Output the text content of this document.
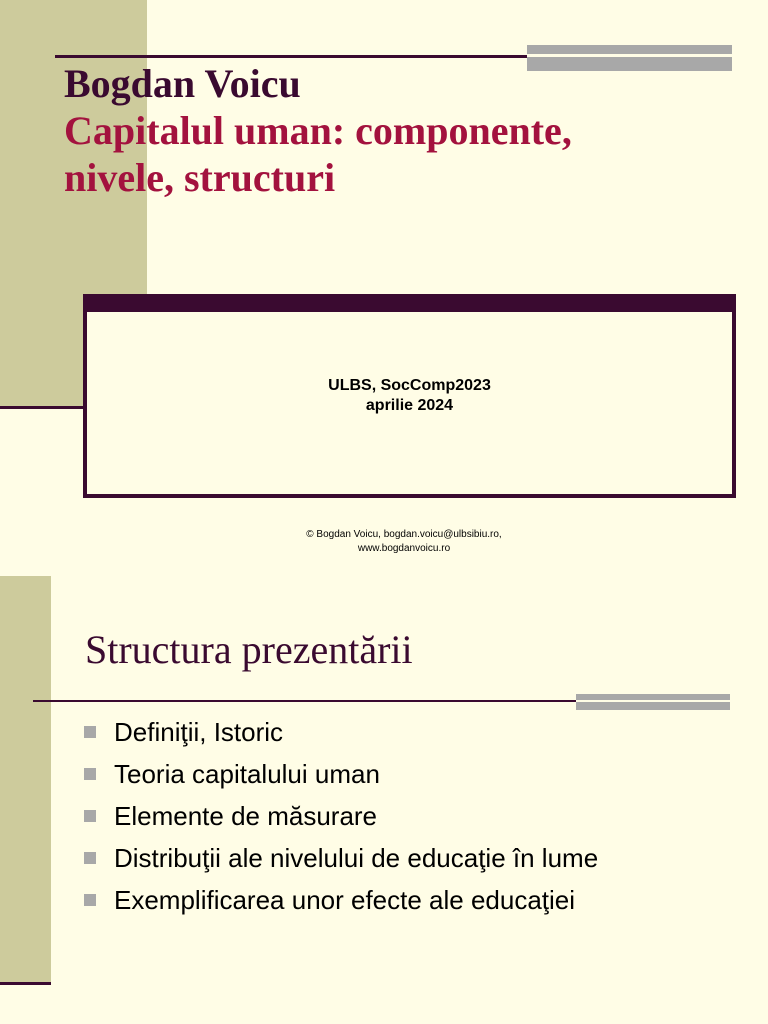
Bogdan Voicu
Capitalul uman: componente,
nivele, structuri
ULBS, SocComp2023
aprilie 2024
© Bogdan Voicu, bogdan.voicu@ulbsibiu.ro,
www.bogdanvoicu.ro
Structura prezentării
Definiţii, Istoric
Teoria capitalului uman
Elemente de măsurare
Distribuţii ale nivelului de educaţie în lume
Exemplificarea unor efecte ale educaţiei
